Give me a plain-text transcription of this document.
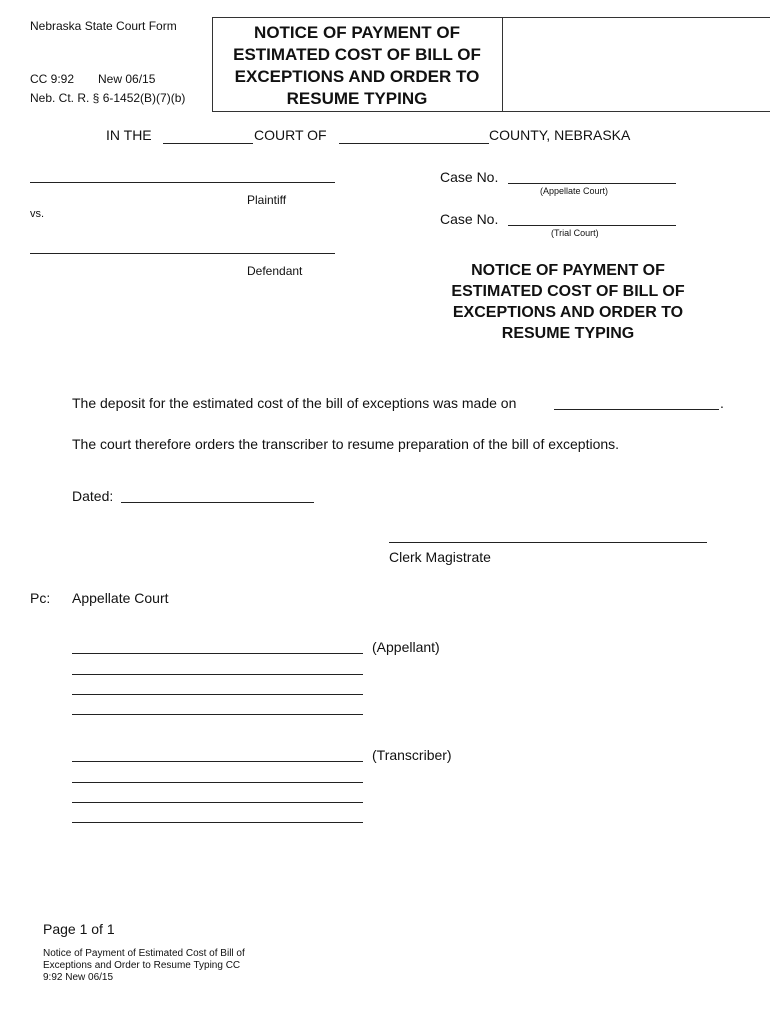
Nebraska State Court Form
CC 9:92 New 06/15
Neb. Ct. R. § 6-1452(B)(7)(b)
NOTICE OF PAYMENT OF
ESTIMATED COST OF BILL OF
EXCEPTIONS AND ORDER TO
RESUME TYPING
IN THE	COURT OF	COUNTY, NEBRASKA
Plaintiff
vs.
Defendant
Case No.
(Appellate Court)
Case No.
(Trial Court)
NOTICE OF PAYMENT OF
ESTIMATED COST OF BILL OF
EXCEPTIONS AND ORDER TO
RESUME TYPING
The deposit for the estimated cost of the bill of exceptions was made on	.
The court therefore orders the transcriber to resume preparation of the bill of exceptions.
Dated:
Clerk Magistrate
Pc: Appellate Court
(Appellant)
(Transcriber)
Page 1 of 1
Notice of Payment of Estimated Cost of Bill of
Exceptions and Order to Resume Typing CC
9:92 New 06/15
